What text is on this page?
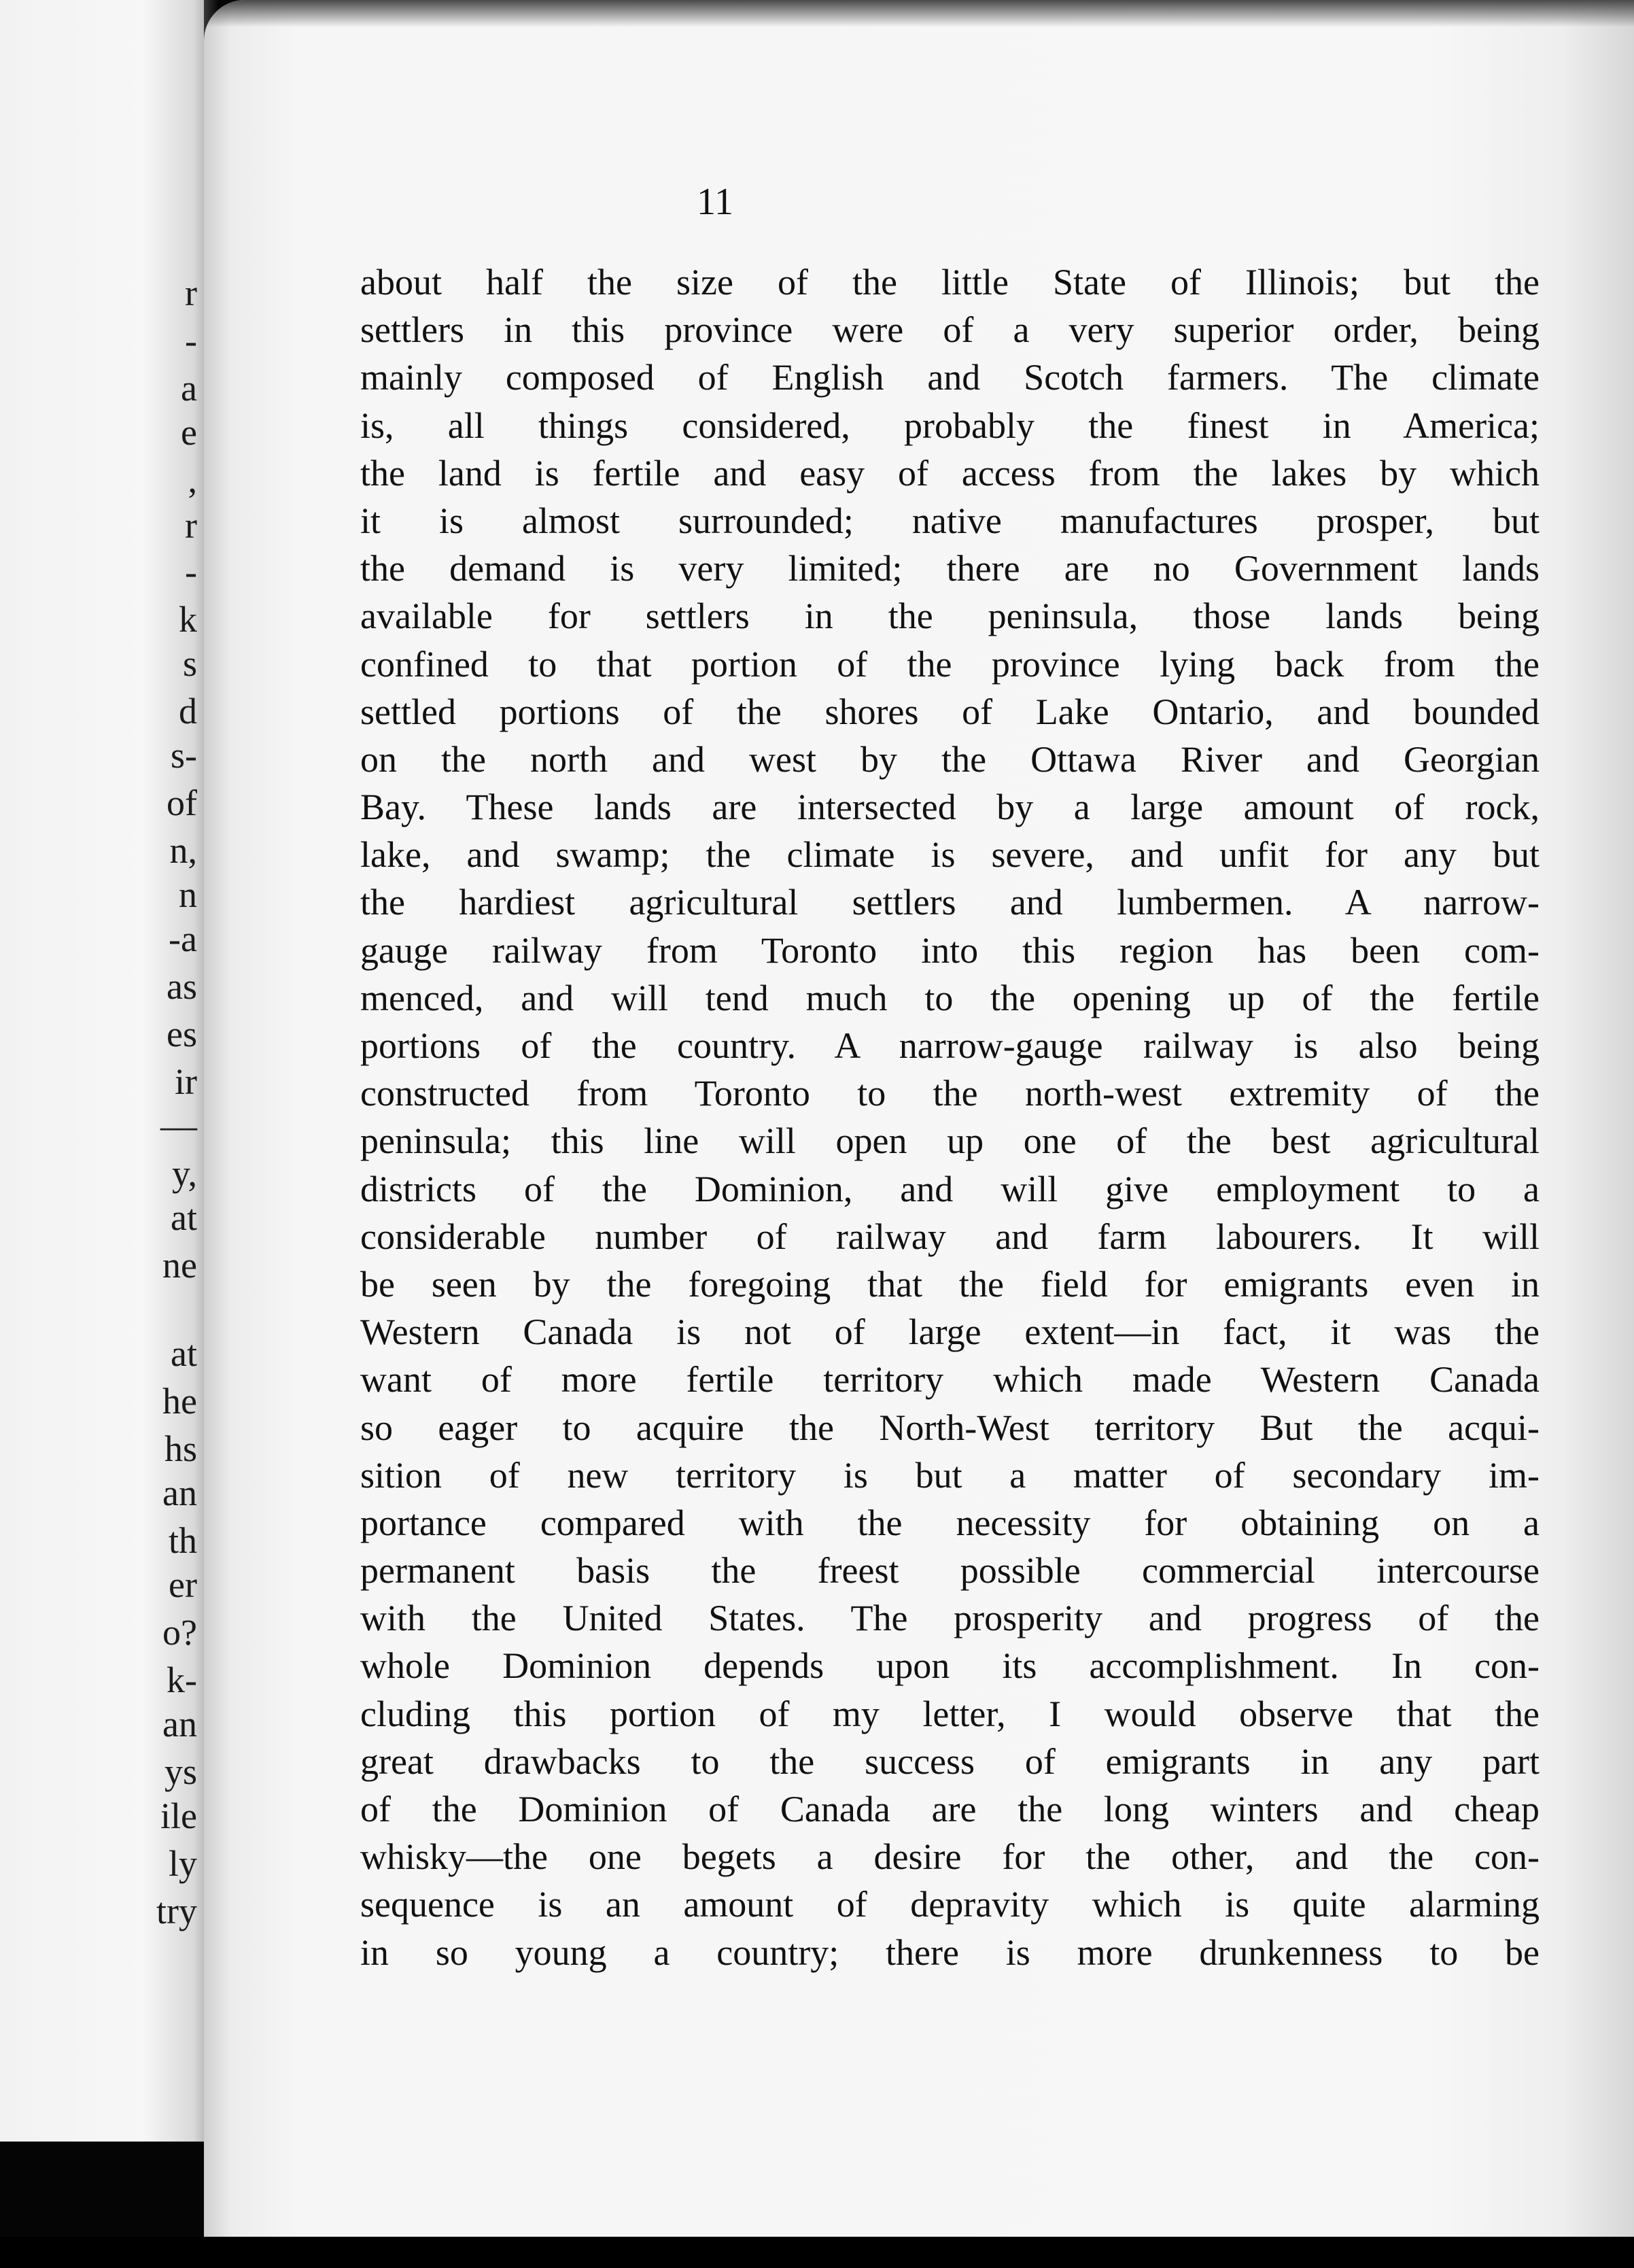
r
-
a
e
,
r
-
k
s
d
s-
of
n,
n
-a
as
es
ir
—
y,
at
ne
at
he
hs
an
th
er
o?
k-
an
ys
ile
ly
try
11
about half the size of the little State of Illinois; but the
settlers in this province were of a very superior order, being
mainly composed of English and Scotch farmers. The climate
is, all things considered, probably the finest in America;
the land is fertile and easy of access from the lakes by which
it is almost surrounded; native manufactures prosper, but
the demand is very limited; there are no Government lands
available for settlers in the peninsula, those lands being
confined to that portion of the province lying back from the
settled portions of the shores of Lake Ontario, and bounded
on the north and west by the Ottawa River and Georgian
Bay. These lands are intersected by a large amount of rock,
lake, and swamp; the climate is severe, and unfit for any but
the hardiest agricultural settlers and lumbermen. A narrow-
gauge railway from Toronto into this region has been com-
menced, and will tend much to the opening up of the fertile
portions of the country. A narrow-gauge railway is also being
constructed from Toronto to the north-west extremity of the
peninsula; this line will open up one of the best agricultural
districts of the Dominion, and will give employment to a
considerable number of railway and farm labourers. It will
be seen by the foregoing that the field for emigrants even in
Western Canada is not of large extent—in fact, it was the
want of more fertile territory which made Western Canada
so eager to acquire the North-West territory But the acqui-
sition of new territory is but a matter of secondary im-
portance compared with the necessity for obtaining on a
permanent basis the freest possible commercial intercourse
with the United States. The prosperity and progress of the
whole Dominion depends upon its accomplishment. In con-
cluding this portion of my letter, I would observe that the
great drawbacks to the success of emigrants in any part
of the Dominion of Canada are the long winters and cheap
whisky—the one begets a desire for the other, and the con-
sequence is an amount of depravity which is quite alarming
in so young a country; there is more drunkenness to be
